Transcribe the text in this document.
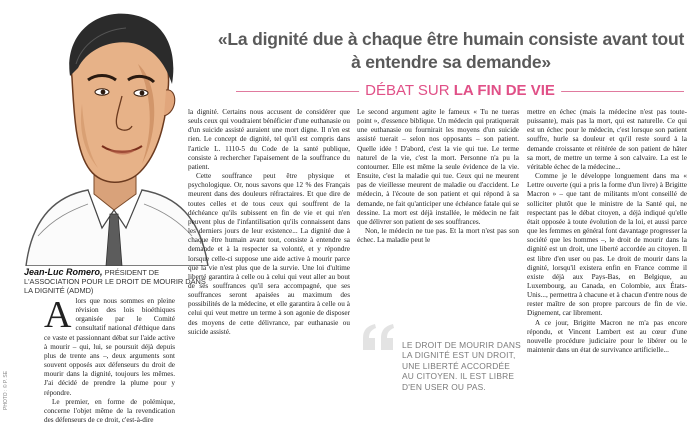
«La dignité due à chaque être humain consiste avant tout à entendre sa demande»
DÉBAT SUR LA FIN DE VIE
Jean-Luc Romero, PRÉSIDENT DE L'ASSOCIATION POUR LE DROIT DE MOURIR DANS LA DIGNITÉ (ADMD)
PHOTO : © P. SE

Alors que nous sommes en pleine révision des lois bioéthiques organisée par le Comité consultatif national d'éthique dans ce vaste et passionnant débat sur l'aide active à mourir – qui, lui, se poursuit déjà depuis plus de trente ans –, deux arguments sont souvent opposés aux défenseurs du droit de mourir dans la dignité, toujours les mêmes. J'ai décidé de prendre la plume pour y répondre.

Le premier, en forme de polémique, concerne l'objet même de la revendication des défenseurs de ce droit, c'est-à-dire

la dignité. Certains nous accusent de considérer que seuls ceux qui voudraient bénéficier d'une euthanasie ou d'un suicide assisté auraient une mort digne. Il n'en est rien. Le concept de dignité, tel qu'il est compris dans l'article L. 1110-5 du Code de la santé publique, consiste à rechercher l'apaisement de la souffrance du patient.

Cette souffrance peut être physique et psychologique. Or, nous savons que 12 % des Français meurent dans des douleurs réfractaires. Et que dire de toutes celles et de tous ceux qui souffrent de la déchéance qu'ils subissent en fin de vie et qui n'en peuvent plus de l'infantilisation qu'ils connaissent dans les derniers jours de leur existence... La dignité due à chaque être humain avant tout, consiste à entendre sa demande et à la respecter sa volonté, et y répondre lorsque celle-ci suppose une aide active à mourir parce que la vie n'est plus que de la survie. Une loi d'ultime liberté garantira à celle ou à celui qui veut aller au bout de ses souffrances qu'il sera accompagné, que ses souffrances seront apaisées au maximum des possibilités de la médecine, et elle garantira à celle ou à celui qui veut mettre un terme à son agonie de disposer des moyens de cette délivrance, par euthanasie ou suicide assisté.

Le second argument agite le fameux « Tu ne tueras point », d'essence biblique. Un médecin qui pratiquerait une euthanasie ou fournirait les moyens d'un suicide assisté tuerait – selon nos opposants – son patient. Quelle idée ! D'abord, c'est la vie qui tue. Le terme naturel de la vie, c'est la mort. Personne n'a pu la contourner. Elle est même la seule évidence de la vie. Ensuite, c'est la maladie qui tue. Ceux qui ne meurent pas de vieillesse meurent de maladie ou d'accident. Le médecin, à l'écoute de son patient et qui répond à sa demande, ne fait qu'anticiper une échéance fatale qui se dessine. La mort est déjà installée, le médecin ne fait que délivrer son patient de ses souffrances.

Non, le médecin ne tue pas. Et la mort n'est pas son échec. La maladie peut le

LE DROIT DE MOURIR DANS LA DIGNITÉ EST UN DROIT, UNE LIBERTÉ ACCORDÉE AU CITOYEN. IL EST LIBRE D'EN USER OU PAS.

mettre en échec (mais la médecine n'est pas toute-puissante), mais pas la mort, qui est naturelle. Ce qui est un échec pour le médecin, c'est lorsque son patient souffre, hurle sa douleur et qu'il reste sourd à la demande croissante et réitérée de son patient de hâter sa mort, de mettre un terme à son calvaire. La est le véritable échec de la médecine...

Comme je le développe longuement dans ma « Lettre ouverte (qui a pris la forme d'un livre) à Brigitte Macron » – que tant de militants m'ont conseillé de solliciter plutôt que le ministre de la Santé qui, ne respectant pas le débat citoyen, a déjà indiqué qu'elle était opposée à toute évolution de la loi, et aussi parce que les femmes en général font davantage progresser la société que les hommes –, le droit de mourir dans la dignité est un droit, une liberté accordée au citoyen. Il est libre d'en user ou pas. Le droit de mourir dans la dignité, lorsqu'il existera enfin en France comme il existe déjà aux Pays-Bas, en Belgique, au Luxembourg, au Canada, en Colombie, aux États-Unis..., permettra à chacune et à chacun d'entre nous de rester maître de son propre parcours de fin de vie. Dignement, car librement.

A ce jour, Brigitte Macron ne m'a pas encore répondu, et Vincent Lambert est au cœur d'une nouvelle procédure judiciaire pour le libérer ou le maintenir dans un état de survivance artificielle...
